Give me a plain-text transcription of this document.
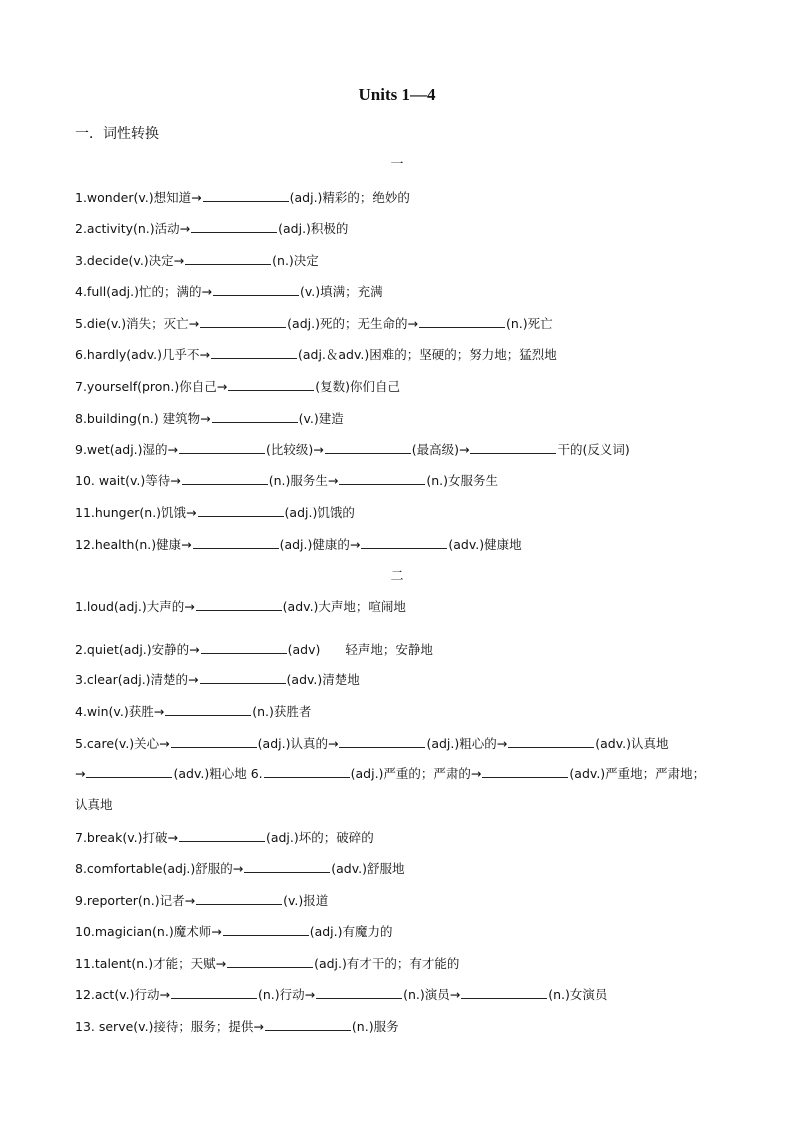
Units 1—4
一．词性转换
一
1.wonder(v.)想知道→	(adj.)精彩的；绝妙的
2.activity(n.)活动→	(adj.)积极的
3.decide(v.)决定→	(n.)决定
4.full(adj.)忙的；满的→	(v.)填满；充满
5.die(v.)消失；灭亡→	(adj.)死的；无生命的→	(n.)死亡
6.hardly(adv.)几乎不→	(adj.＆adv.)困难的；坚硬的；努力地；猛烈地
7.yourself(pron.)你自己→	(复数)你们自己
8.building(n.) 建筑物→	(v.)建造
9.wet(adj.)湿的→	(比较级)→	(最高级)→	干的(反义词)
10. wait(v.)等待→	(n.)服务生→	(n.)女服务生
11.hunger(n.)饥饿→	(adj.)饥饿的
12.health(n.)健康→	(adj.)健康的→	(adv.)健康地
二
1.loud(adj.)大声的→	(adv.)大声地；喧闹地
2.quiet(adj.)安静的→	(adv)　　轻声地；安静地
3.clear(adj.)清楚的→	(adv.)清楚地
4.win(v.)获胜→	(n.)获胜者
5.care(v.)关心→	(adj.)认真的→	(adj.)粗心的→	(adv.)认真地
→	(adv.)粗心地 6.	(adj.)严重的；严肃的→	(adv.)严重地；严肃地；
认真地
7.break(v.)打破→	(adj.)坏的；破碎的
8.comfortable(adj.)舒服的→	(adv.)舒服地
9.reporter(n.)记者→	(v.)报道
10.magician(n.)魔术师→	(adj.)有魔力的
11.talent(n.)才能；天赋→	(adj.)有才干的；有才能的
12.act(v.)行动→	(n.)行动→	(n.)演员→	(n.)女演员
13. serve(v.)接待；服务；提供→	(n.)服务
